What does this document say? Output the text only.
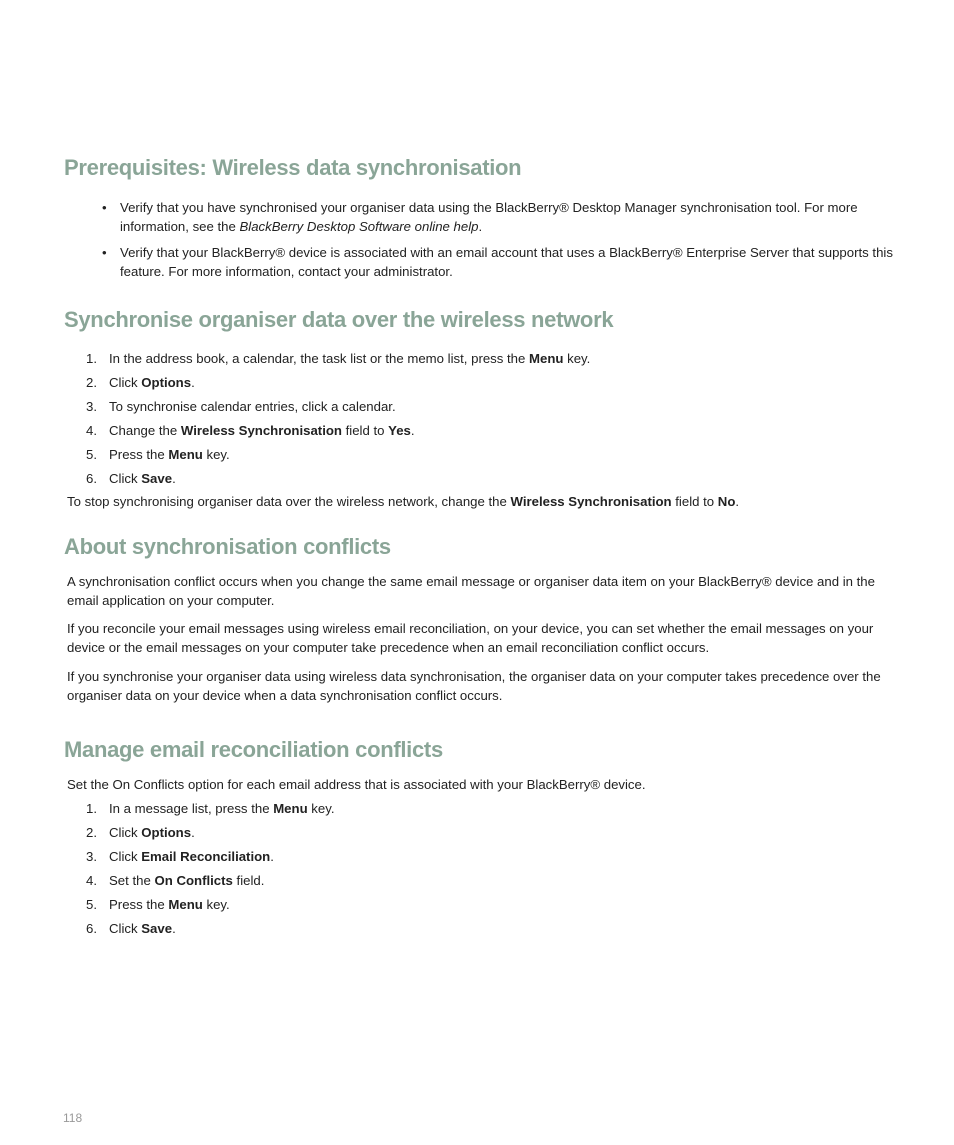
Prerequisites: Wireless data synchronisation
• Verify that you have synchronised your organiser data using the BlackBerry® Desktop Manager synchronisation tool. For more information, see the BlackBerry Desktop Software online help.
• Verify that your BlackBerry® device is associated with an email account that uses a BlackBerry® Enterprise Server that supports this feature. For more information, contact your administrator.
Synchronise organiser data over the wireless network
1. In the address book, a calendar, the task list or the memo list, press the Menu key.
2. Click Options.
3. To synchronise calendar entries, click a calendar.
4. Change the Wireless Synchronisation field to Yes.
5. Press the Menu key.
6. Click Save.

To stop synchronising organiser data over the wireless network, change the Wireless Synchronisation field to No.

About synchronisation conflicts

A synchronisation conflict occurs when you change the same email message or organiser data item on your BlackBerry® device and in the email application on your computer.

If you reconcile your email messages using wireless email reconciliation, on your device, you can set whether the email messages on your device or the email messages on your computer take precedence when an email reconciliation conflict occurs.

If you synchronise your organiser data using wireless data synchronisation, the organiser data on your computer takes precedence over the organiser data on your device when a data synchronisation conflict occurs.

Manage email reconciliation conflicts

Set the On Conflicts option for each email address that is associated with your BlackBerry® device.

1. In a message list, press the Menu key.
2. Click Options.
3. Click Email Reconciliation.
4. Set the On Conflicts field.
5. Press the Menu key.
6. Click Save.
118
